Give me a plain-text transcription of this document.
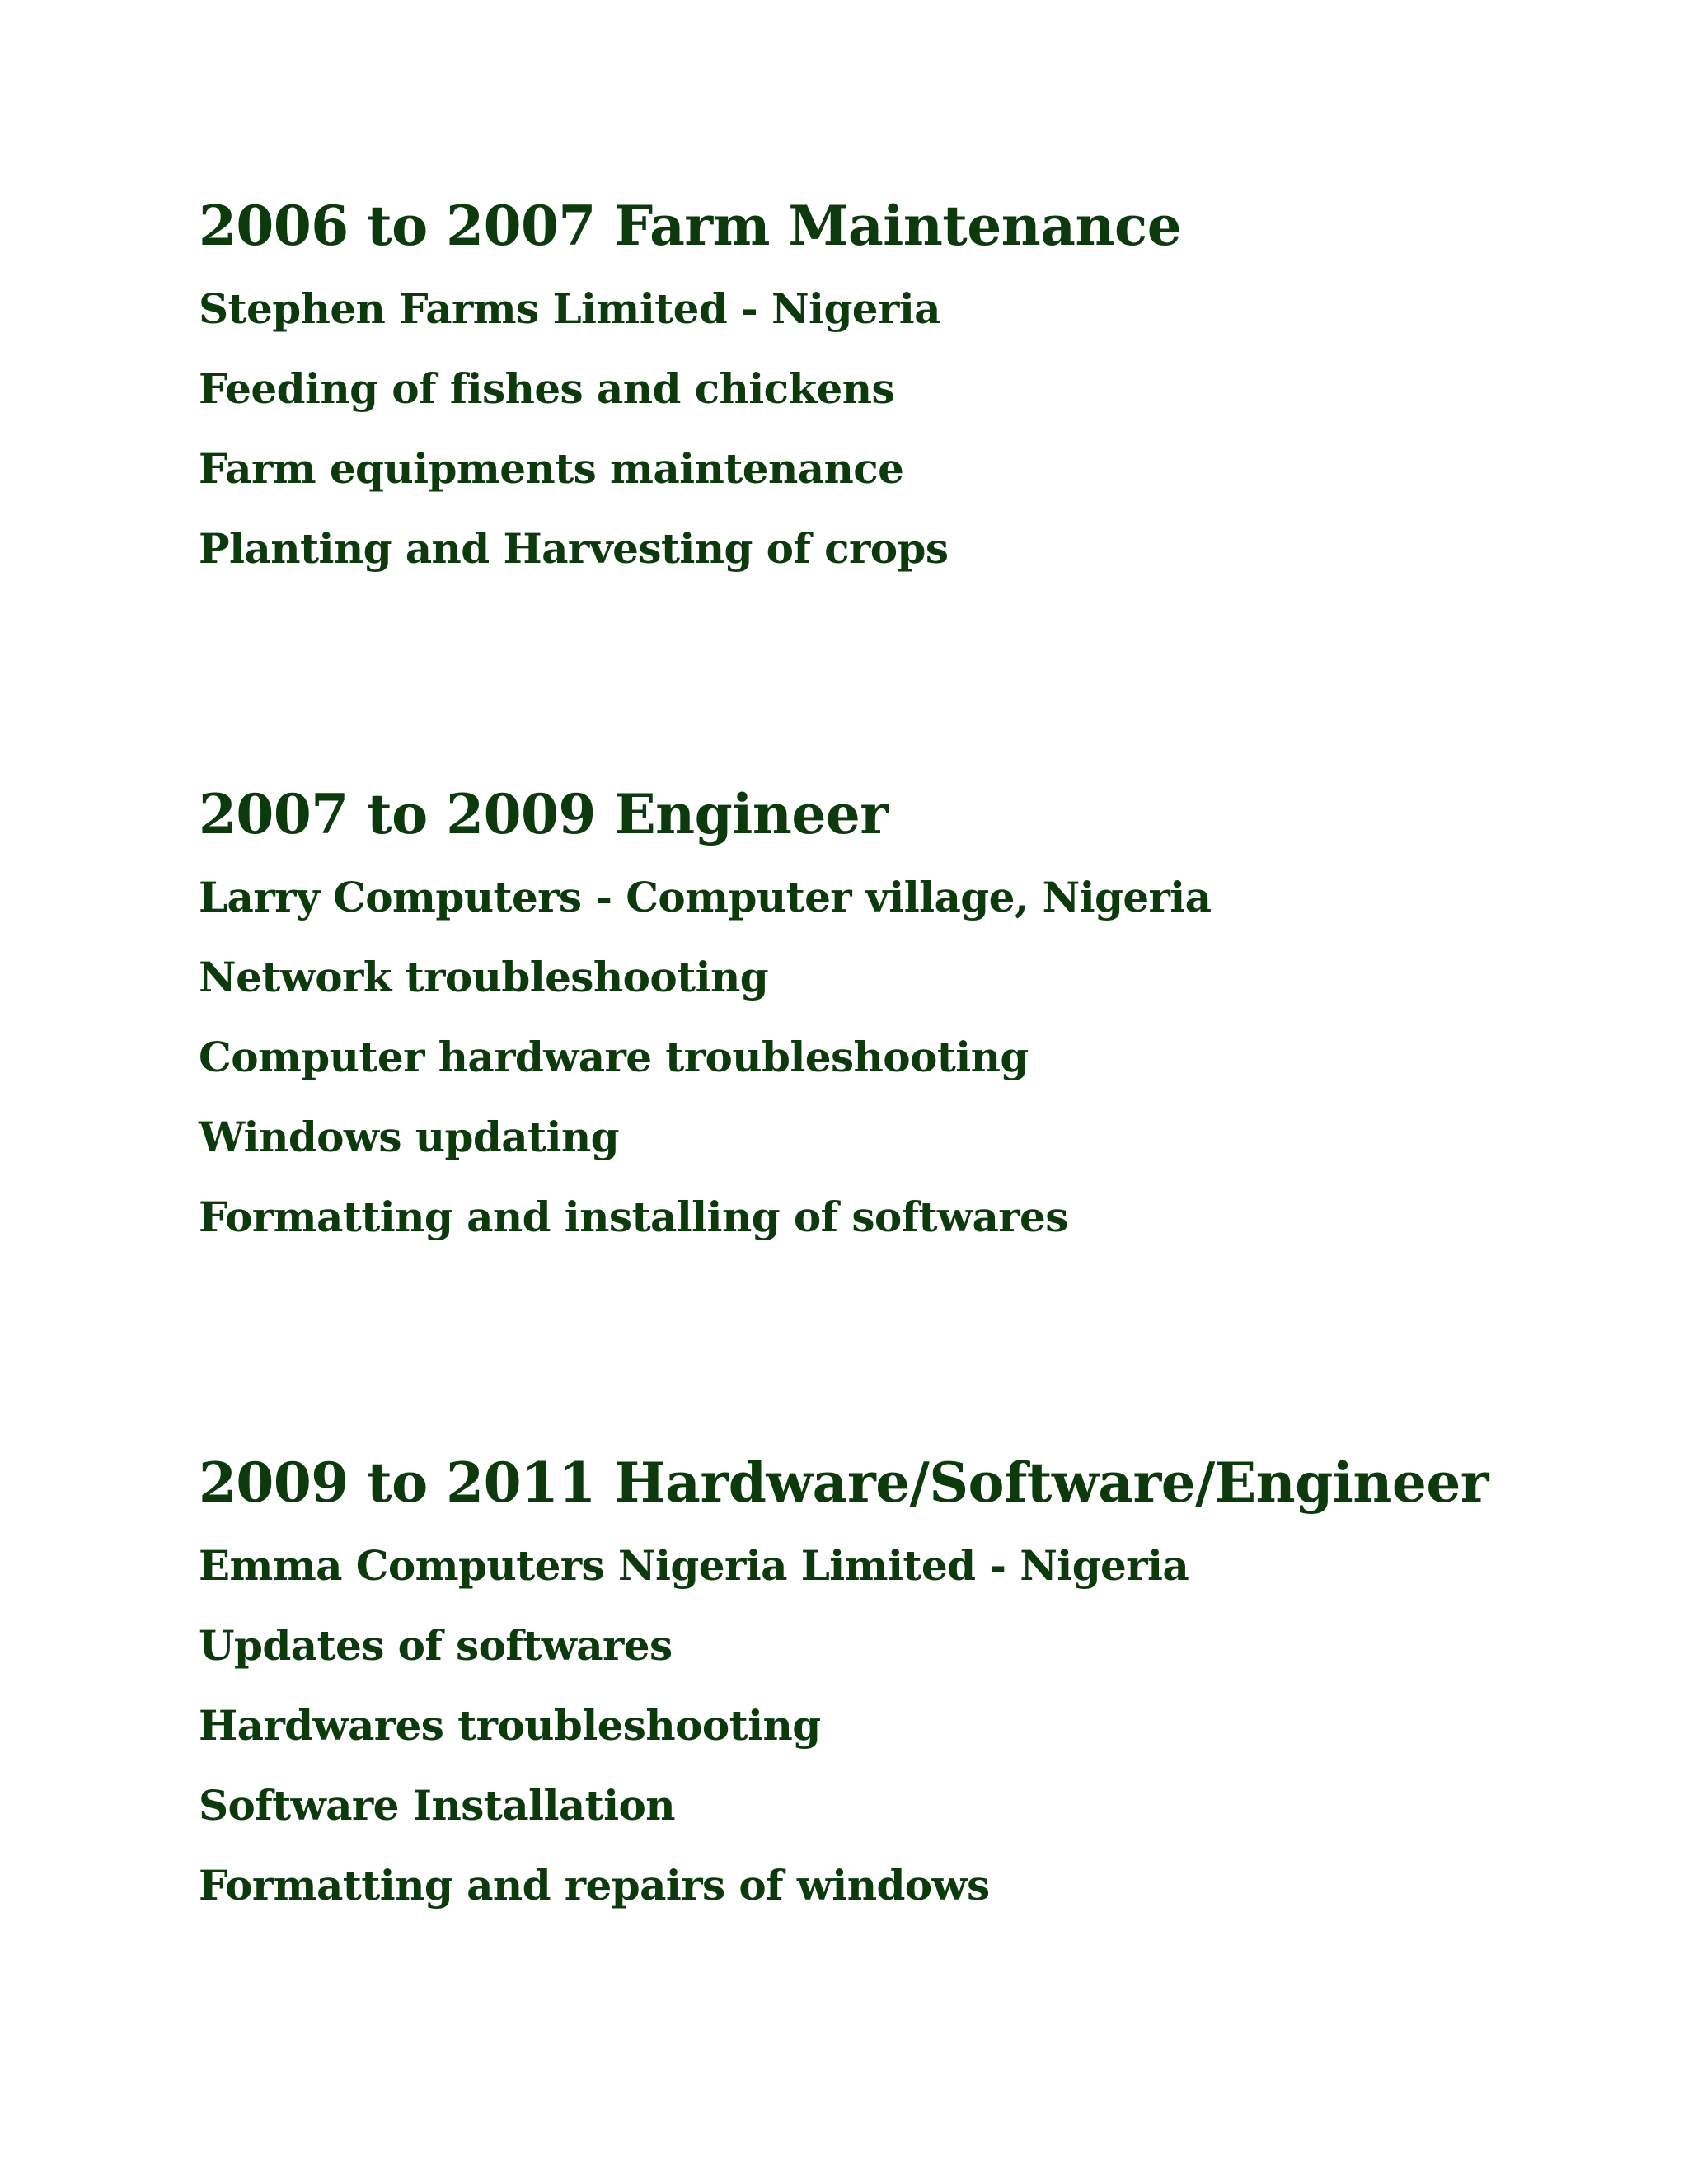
2006 to 2007 Farm Maintenance

Stephen Farms Limited - Nigeria

Feeding of fishes and chickens

Farm equipments maintenance

Planting and Harvesting of crops

2007 to 2009 Engineer

Larry Computers - Computer village, Nigeria

Network troubleshooting

Computer hardware troubleshooting

Windows updating

Formatting and installing of softwares

2009 to 2011 Hardware/Software/Engineer

Emma Computers Nigeria Limited - Nigeria

Updates of softwares

Hardwares troubleshooting

Software Installation

Formatting and repairs of windows
